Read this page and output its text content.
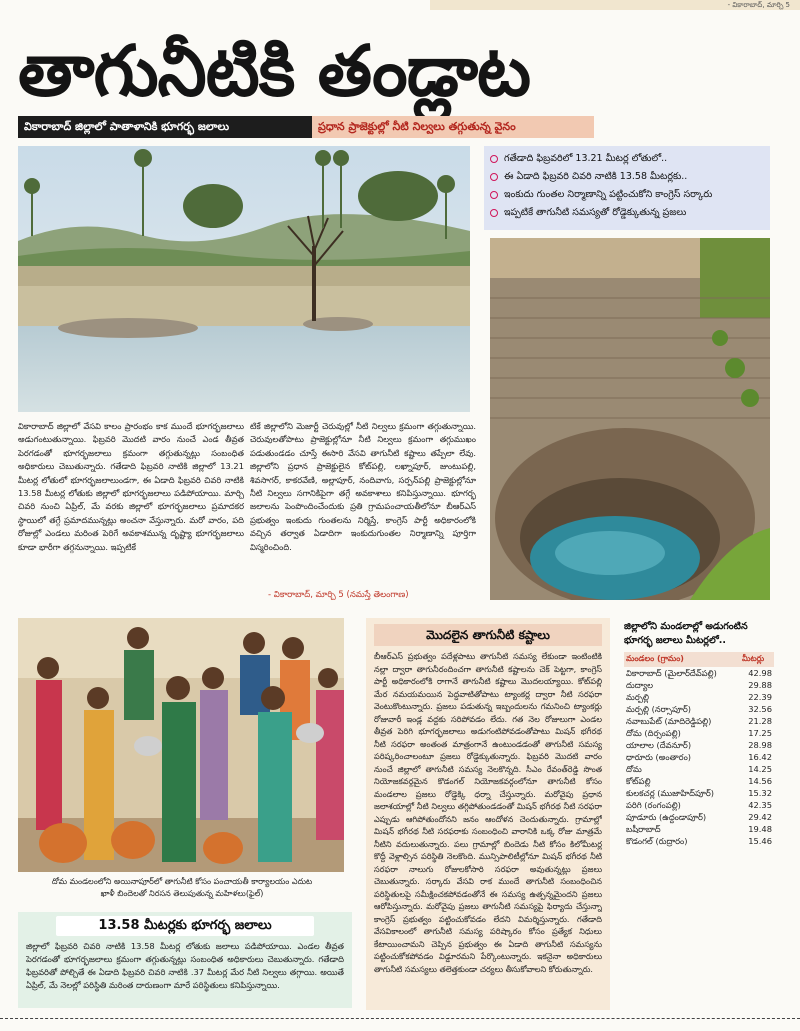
- వికారాబాద్, మార్చి 5
తాగునీటికి తండ్లాట
వికారాబాద్ జిల్లాలో పాతాళానికి భూగర్భ జలాలు	ప్రధాన ప్రాజెక్టుల్లో నీటి నిల్వలు తగ్గుతున్న వైనం
గతేడాది ఫిబ్రవరిలో 13.21 మీటర్ల లోతులో..
ఈ ఏడాది ఫిబ్రవరి చివరి నాటికి 13.58 మీటర్లకు..
ఇంకుదు గుంతల నిర్మాణాన్ని పట్టించుకోని కాంగ్రెస్ సర్కారు
ఇప్పటికే తాగునీటి సమస్యతో రోడ్డెక్కుతున్న ప్రజలు
వికారాబాద్ జిల్లాలో వేసవి కాలం ప్రారంభం కాక ముందే భూగర్భజలాలు అడుగంటుతున్నాయి. ఫిబ్రవరి మొదటి వారం నుంచే ఎండ తీవ్రత పెరగడంతో భూగర్భజలాలు క్రమంగా తగ్గుతున్నట్లు సంబంధిత అధికారులు చెబుతున్నారు. గతేడాది ఫిబ్రవరి నాటికి జిల్లాలో 13.21 మీటర్ల లోతులో భూగర్భజలాలుండగా, ఈ ఏడాది ఫిబ్రవరి చివరి నాటికి 13.58 మీటర్ల లోతుకు జిల్లాలో భూగర్భజలాలు పడిపోయాయి. మార్చి చివరి నుంచి ఏప్రిల్, మే వరకు జిల్లాలో భూగర్భజలాలు ప్రమాదకర స్థాయిలో తగ్గే ప్రమాదమున్నట్లు అంచనా వేస్తున్నారు. మరో వారం, పది రోజుల్లో ఎండలు మరింత పెరిగే అవకాశమున్న దృష్ట్యా భూగర్భజలాలు కూడా భారీగా తగ్గనున్నాయి. ఇప్పటికే
టికే జిల్లాలోని మెజార్టీ చెరువుల్లో నీటి నిల్వలు క్రమంగా తగ్గుతున్నాయి. చెరువులతోపాటు ప్రాజెక్టుల్లోనూ నీటి నిల్వలు క్రమంగా తగ్గుముఖం పడుతుండడం చూస్తే ఈసారి వేసవి తాగునీటి కష్టాలు తప్పేలా లేవు. జిల్లాలోని ప్రధాన ప్రాజెక్టులైన కోట్‌పల్లి, లఖ్నాపూర్, జుంటుపల్లి, శివసాగర్, కాకరవేణి, అల్లాపూర్, నందివాగు, సర్పన్‌పల్లి ప్రాజెక్టుల్లోనూ నీటి నిల్వలు సగానికిపైగా తగ్గే అవకాశాలు కనిపిస్తున్నాయి. భూగర్భ జలాలను పెంపొందించేందుకు ప్రతి గ్రామపంచాయతీలోనూ బీఆర్ఎస్ ప్రభుత్వం ఇంకుదు గుంతలను నిర్మిస్తే, కాంగ్రెస్ పార్టీ అధికారంలోకి వచ్చిన తర్వాత ఏడాదిగా ఇంకుదుగుంతల నిర్మాణాన్ని పూర్తిగా విస్మరించింది.
- వికారాబాద్, మార్చి 5 (నమస్తే తెలంగాణ)
దోమ మండలంలోని అయినాపూర్‌లో తాగునీటి కోసం పంచాయతీ కార్యాలయం ఎదుట ఖాళీ బిందెలతో నిరసన తెలుపుతున్న మహిళలు(ఫైల్)
13.58 మీటర్లకు భూగర్భ జలాలు
జిల్లాలో ఫిబ్రవరి చివరి నాటికి 13.58 మీటర్ల లోతుకు జలాలు పడిపోయాయి. ఎండల తీవ్రత పెరగడంతో భూగర్భజలాలు క్రమంగా తగ్గుతున్నట్లు సంబంధిత అధికారులు చెబుతున్నారు. గతేడాది ఫిబ్రవరితో పోల్చితే ఈ ఏడాది ఫిబ్రవరి చివరి నాటికి .37 మీటర్ల మేర నీటి నిల్వలు తగ్గాయి. అయితే ఏప్రిల్, మే నెలల్లో పరిస్థితి మరింత దారుణంగా మారే పరిస్థితులు కనిపిస్తున్నాయి.
మొదలైన తాగునీటి కష్టాలు
బీఆర్ఎస్ ప్రభుత్వం పదేళ్లపాటు తాగునీటి సమస్య లేకుండా ఇంటింటికి నల్లా ద్వారా తాగునీరందించగా తాగునీటి కష్టాలను చెక్ పెట్టగా, కాంగ్రెస్ పార్టీ అధికారంలోకి రాగానే తాగునీటి కష్టాలు మొదలయ్యాయి. కోట్‌పల్లి మేర నమయమయిన పెద్దవాటితోపాటు ట్యాంకర్ల ద్వారా నీటి సరఫరా వెంటుకొంటున్నారు. ప్రజలు పడుతున్న ఇబ్బందులను గమనించి ట్యాంకర్లు రోజువారీ ఇండ్ల వద్దకు సరిపోవడం లేదు. గత నెల రోజులుగా ఎండల తీవ్రత పెరిగి భూగర్భజలాలు అడుగంటిపోవడంతోపాటు మిషన్ భగీరథ నీటి సరఫరా అంతంత మాత్రంగానే ఉంటుండడంతో తాగునీటి సమస్య పరిష్కరించాలంటూ ప్రజలు రోడ్డెక్కుతున్నారు. ఫిబ్రవరి మొదటి వారం నుంచే జిల్లాలో తాగునీటి సమస్య నెలకొన్నది. సీఎం రేవంత్‌రెడ్డి సొంత నియోజకవర్గమైన కొడంగల్ నియోజకవర్గంలోనూ తాగునీటి కోసం మండలాల ప్రజలు రోడ్డెక్కి ధర్నా చేస్తున్నారు. మరోవైపు ప్రధాన జలాశయాల్లో నీటి నిల్వలు తగ్గిపోతుండడంతో మిషన్ భగీరథ నీటి సరఫరా ఎప్పుడు ఆగిపోతుందోనని జనం ఆందోళన చెందుతున్నారు. గ్రామాల్లో మిషన్ భగీరథ నీటి సరఫరాకు సంబంధించి వారానికి ఒక్క రోజు మాత్రమే నీటిని వదులుతున్నారు. పలు గ్రామాల్లో బిందెడు నీటి కోసం కిలోమీటర్ల కొద్దీ వెళ్లాల్సిన పరిస్థితి నెలకొంది. మున్సిపాలిటీల్లోనూ మిషన్ భగీరథ నీటి సరఫరా నాలుగు రోజులకోసారి సరఫరా అవుతున్నట్లు ప్రజలు చెబుతున్నారు. సర్కారు వేసవి రాక ముందే తాగునీటి సంబంధించిన పరిస్థితులపై సమీక్షించకపోవడంతోనే ఈ సమస్య ఉత్పన్నమైందని ప్రజలు ఆరోపిస్తున్నారు. మరోవైపు ప్రజలు తాగునీటి సమస్యపై ఫిర్యాదు చేస్తున్నా కాంగ్రెస్ ప్రభుత్వం పట్టించుకోవడం లేదని విమర్శిస్తున్నారు. గతేడాది వేసవికాలంలో తాగునీటి సమస్య పరిష్కారం కోసం ప్రత్యేక నిధులు కేటాయించామని చెప్పిన ప్రభుత్వం ఈ ఏడాది తాగునీటి సమస్యను పట్టించుకోకపోవడం విడ్డూరమని పేర్కొంటున్నారు. ఇకనైనా అధికారులు తాగునీటి సమస్యలు తలెత్తకుండా చర్యలు తీసుకోవాలని కోరుతున్నారు.
జిల్లాలోని మండలాల్లో అడుగంటిన భూగర్భ జలాలు మీటర్లలో..
మండలం (గ్రామం)	మీటర్లు
వికారాబాద్ (మైలార్‌దేవ్‌పల్లి)	42.98
దుద్యాల	29.88
మర్పల్లి	22.39
మర్పల్లి (నర్సాపూర్)	32.56
నవాబుపేట్ (మాదిరెడ్డిపల్లి)	21.28
దోమ (దిర్సంపల్లి)	17.25
యాలాల (దేవనూర్)	28.98
ధారూరు (అంతారం)	16.42
దోమ	14.25
కోట్‌పల్లి	14.56
కులకచర్ల (ముజాహిద్‌పూర్)	15.32
పరిగి (రంగంపల్లి)	42.35
పూడూరు (ఉద్దండాపూర్)	29.42
బషీరాబాద్	19.48
కొడంగల్ (రుద్రారం)	15.46
